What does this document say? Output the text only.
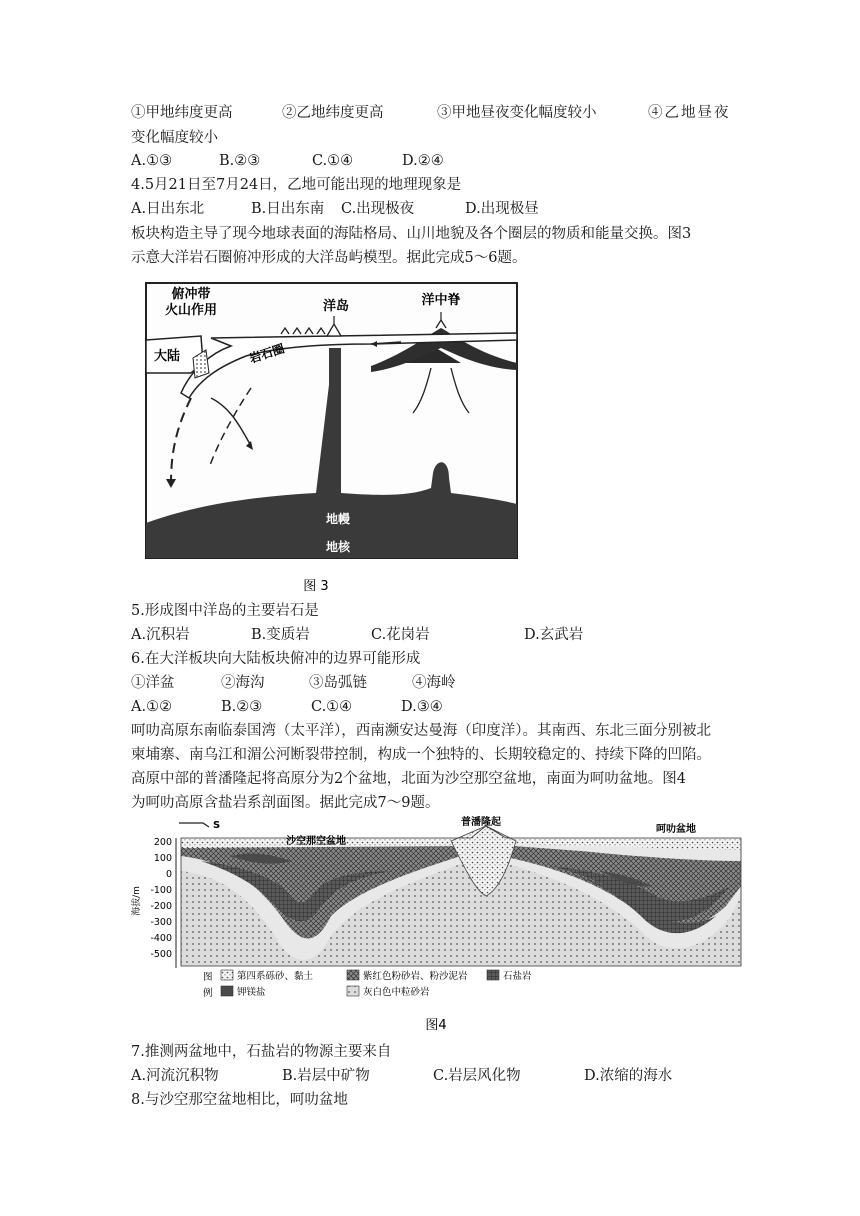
①甲地纬度更高	②乙地纬度更高	③甲地昼夜变化幅度较小	④乙地昼夜
变化幅度较小
A.①③	B.②③	C.①④	D.②④
4.5月21日至7月24日，乙地可能出现的地理现象是
A.日出东北	B.日出东南 C.出现极夜	D.出现极昼
板块构造主导了现今地球表面的海陆格局、山川地貌及各个圈层的物质和能量交换。图3
示意大洋岩石圈俯冲形成的大洋岛屿模型。据此完成5～6题。
俯冲带
火山作用	洋岛	洋中脊
大陆	岩石圈
地幔
地核
图 3
5.形成图中洋岛的主要岩石是
A.沉积岩	B.变质岩	C.花岗岩	D.玄武岩
6.在大洋板块向大陆板块俯冲的边界可能形成
①洋盆	②海沟	③岛弧链	④海岭
A.①②	B.②③	C.①④	D.③④
呵叻高原东南临泰国湾（太平洋），西南濒安达曼海（印度洋）。其南西、东北三面分别被北
柬埔寨、南乌江和湄公河断裂带控制，构成一个独特的、长期较稳定的、持续下降的凹陷。
高原中部的普潘隆起将高原分为2个盆地，北面为沙空那空盆地，南面为呵叻盆地。图4
为呵叻高原含盐岩系剖面图。据此完成7～9题。
S
200
100
0
-100
-200
-300
-400
-500
海拔/m
沙空那空盆地
普潘隆起
呵叻盆地
图
例
第四系砾砂、黏土	紫红色粉砂岩、粉沙泥岩	石盐岩
钾镁盐	灰白色中粒砂岩
图4
7.推测两盆地中，石盐岩的物源主要来自
A.河流沉积物	B.岩层中矿物	C.岩层风化物	D.浓缩的海水
8.与沙空那空盆地相比，呵叻盆地
